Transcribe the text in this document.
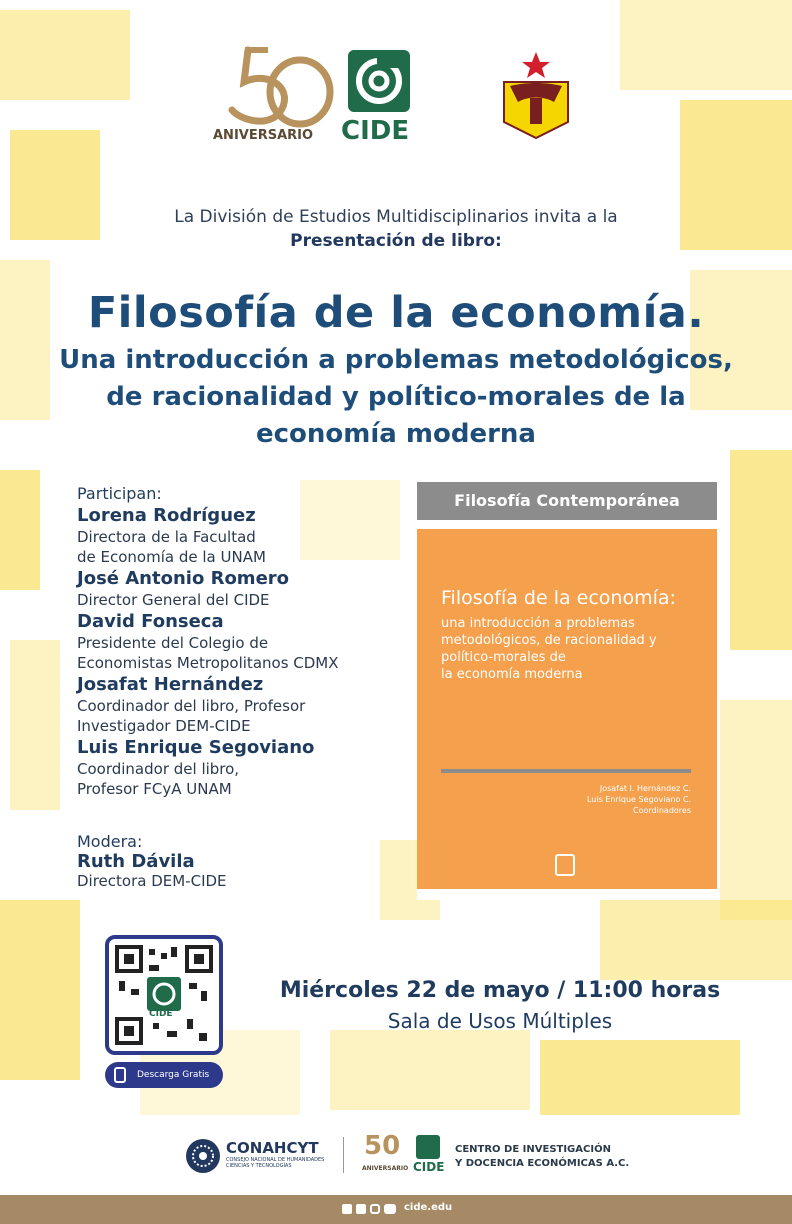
ANIVERSARIO CIDE
La División de Estudios Multidisciplinarios invita a la
Presentación de libro:
Filosofía de la economía.
Una introducción a problemas metodológicos, de racionalidad y político-morales de la economía moderna
Participan:
Lorena Rodríguez
Directora de la Facultad
de Economía de la UNAM
José Antonio Romero
Director General del CIDE
David Fonseca
Presidente del Colegio de
Economistas Metropolitanos CDMX
Josafat Hernández
Coordinador del libro, Profesor
Investigador DEM-CIDE
Luis Enrique Segoviano
Coordinador del libro,
Profesor FCyA UNAM
Modera:
Ruth Dávila
Directora DEM-CIDE
Filosofía Contemporánea
Filosofía de la economía:
una introducción a problemas
metodológicos, de racionalidad y
político-morales de
la economía moderna
Josafat I. Hernández C.
Luis Enrique Segoviano C.
Coordinadores
CIDE
Descarga Gratis
Miércoles 22 de mayo / 11:00 horas
Sala de Usos Múltiples
CONAHCYT
CONSEJO NACIONAL DE HUMANIDADES
CIENCIAS Y TECNOLOGÍAS
50
ANIVERSARIO CIDE
CENTRO DE INVESTIGACIÓN
Y DOCENCIA ECONÓMICAS A.C.
cide.edu
